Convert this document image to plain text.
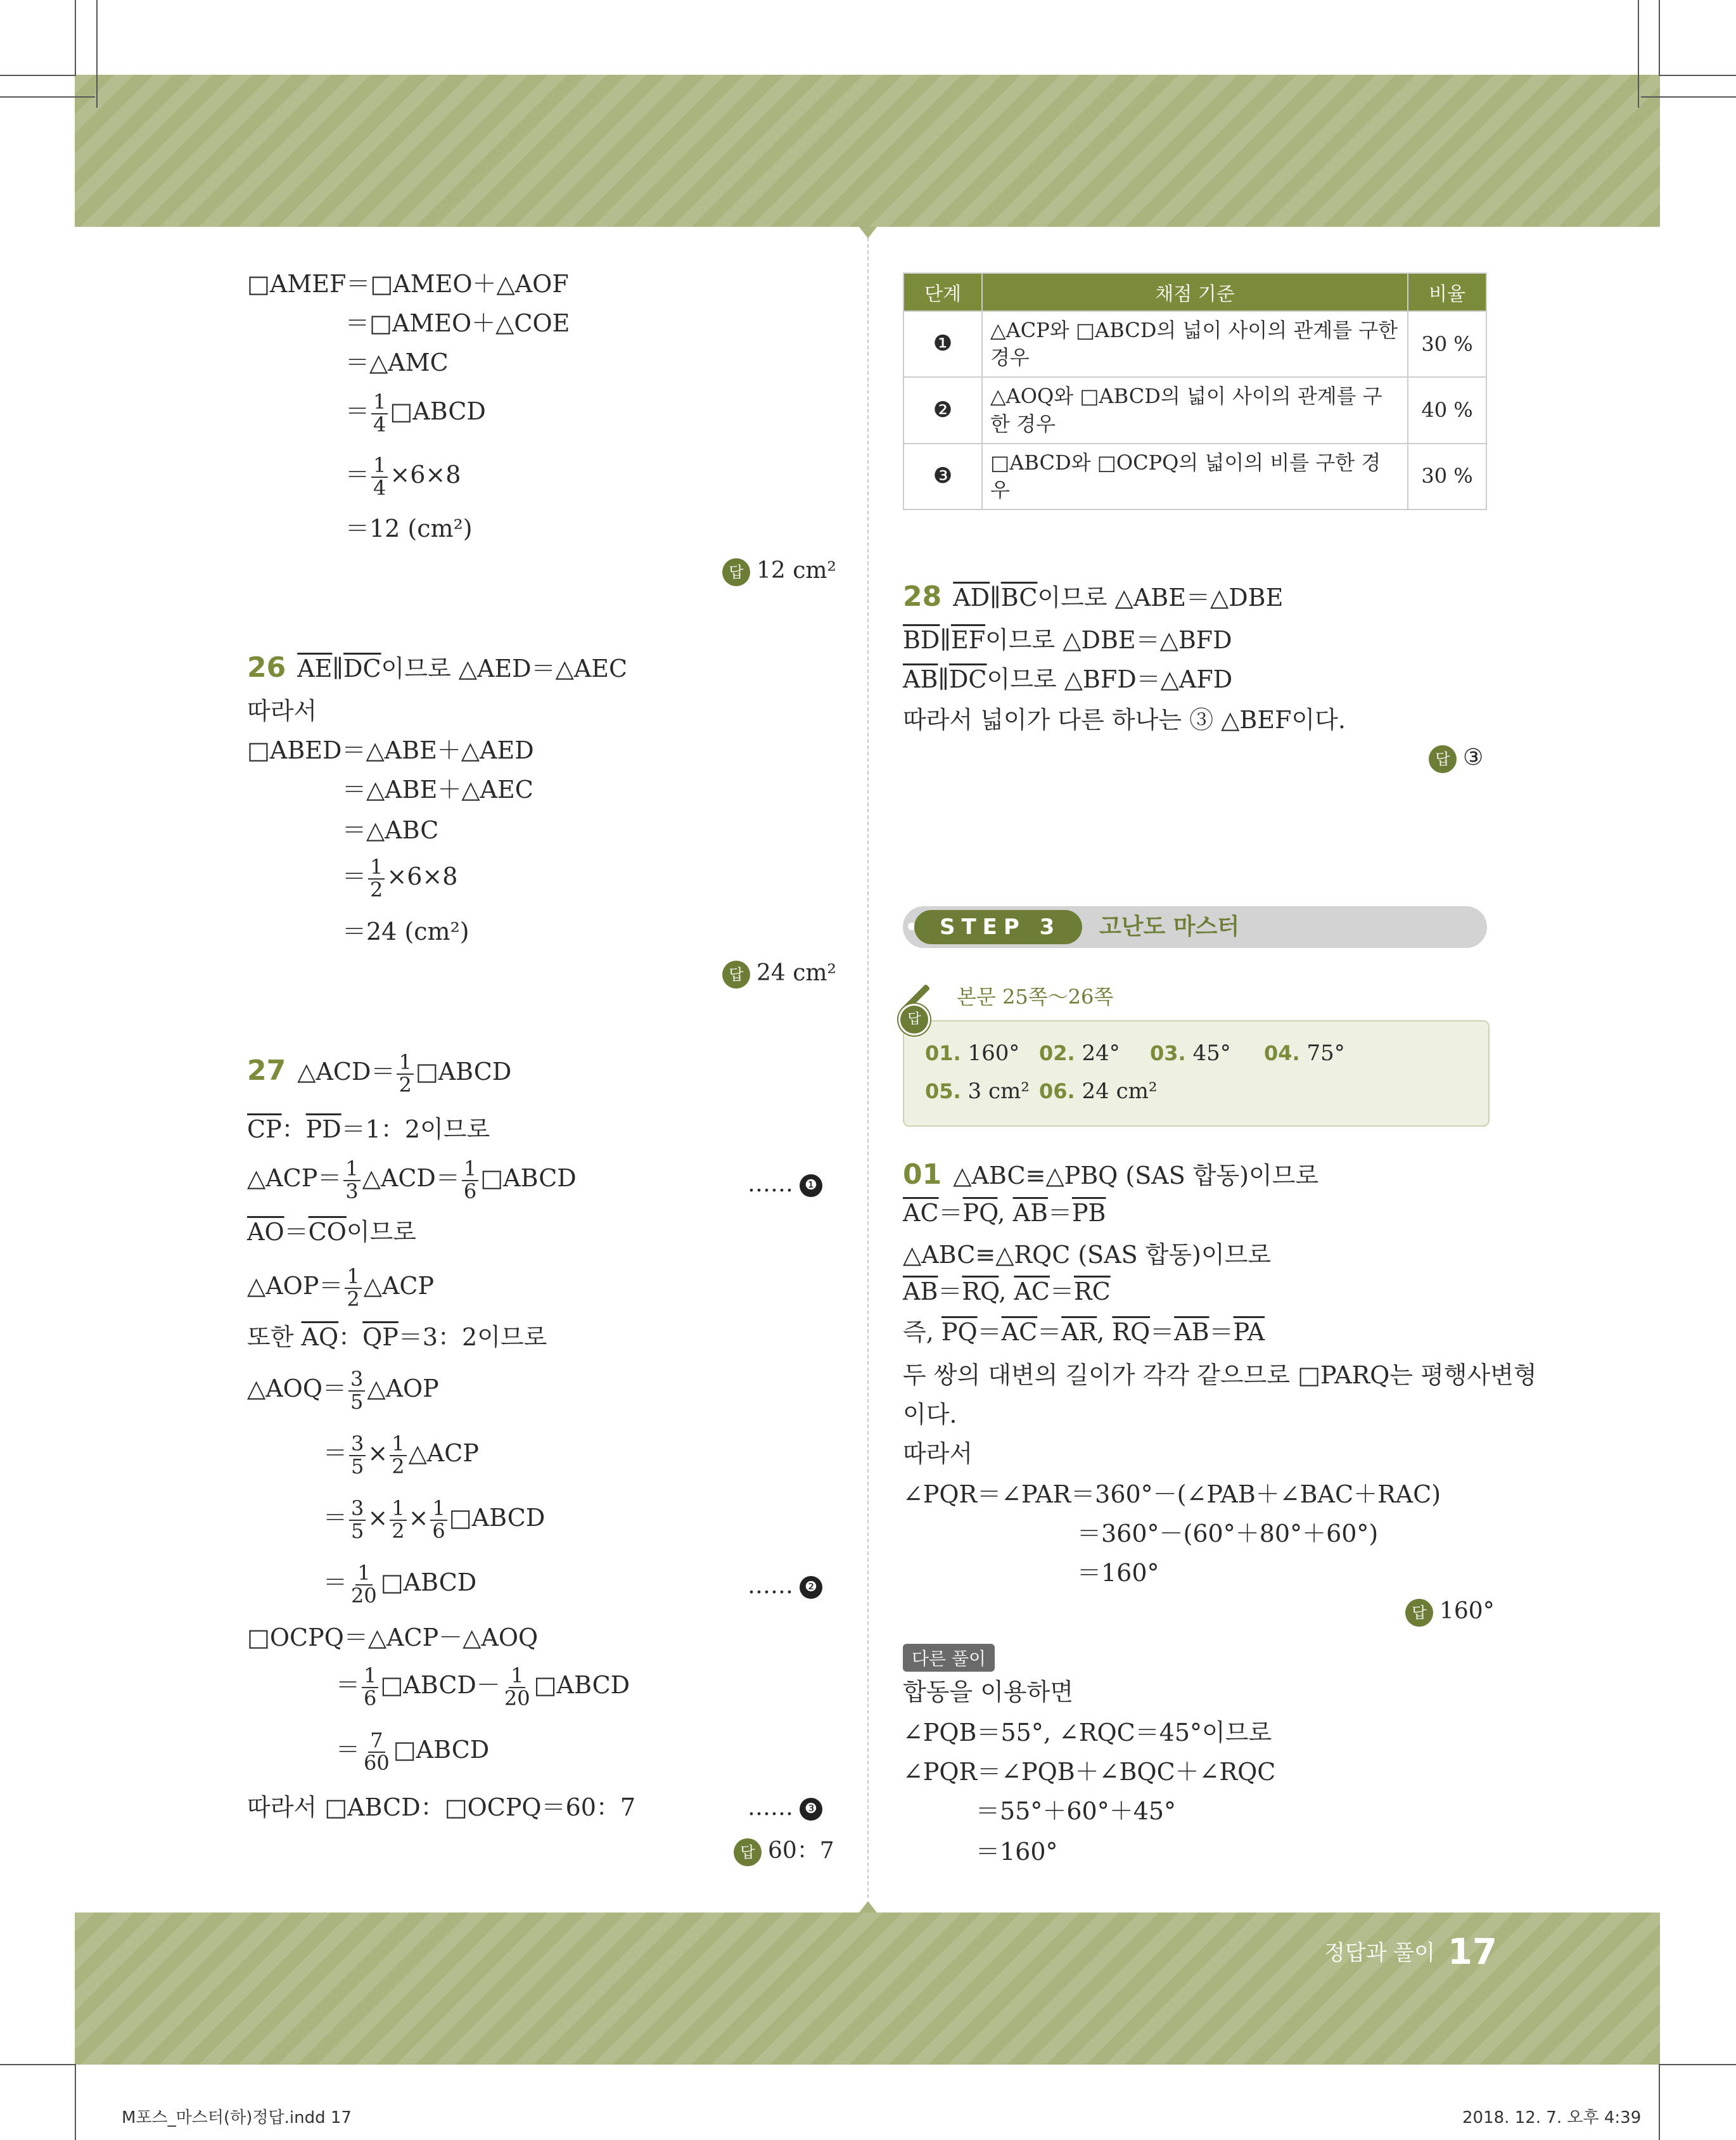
□AMEF＝□AMEO＋△AOF
＝□AMEO＋△COE
＝△AMC
＝ $\frac{1}{4}$ □ABCD
＝ $\frac{1}{4} \times 6\times 8$
＝12 (cm²)
답 12 cm²
26 $\overline{AE}\parallel\overline{DC}$이므로 △AED＝△AEC
따라서
□ABED＝△ABE＋△AED
＝△ABE＋△AEC
＝△ABC
＝ $\frac{1}{2} \times 6\times 8$
＝24 (cm²)
답 24 cm²
27 △ACD＝ $\frac{1}{2}$ □ABCD
$\overline{CP}$：$\overline{PD}=1$：2이므로
△ACP＝ $\frac{1}{3}$ △ACD＝ $\frac{1}{6}$ □ABCD	…… ❶
$\overline{AO}=\overline{CO}$이므로
△AOP＝ $\frac{1}{2}$ △ACP
또한 $\overline{AQ}$：$\overline{QP}=3$：2이므로
△AOQ＝ $\frac{3}{5}$ △AOP
＝ $\frac{3}{5} \times \frac{1}{2}$ △ACP
＝ $\frac{3}{5} \times \frac{1}{2} \times \frac{1}{6}$ □ABCD
＝ $\frac{1}{20}$ □ABCD	…… ❷
□OCPQ＝△ACP－△AOQ
＝ $\frac{1}{6}$ □ABCD－ $\frac{1}{20}$ □ABCD
＝ $\frac{7}{60}$ □ABCD
따라서 □ABCD：□OCPQ＝60：7	…… ❸
답 60：7
단계	채점 기준	비율
❶	△ACP와 □ABCD의 넓이 사이의 관계를 구한 경우	30 %
❷	△AOQ와 □ABCD의 넓이 사이의 관계를 구한 경우	40 %
❸	□ABCD와 □OCPQ의 넓이의 비를 구한 경우	30 %
28 $\overline{AD}\parallel\overline{BC}$이므로 △ABE＝△DBE
$\overline{BD}\parallel\overline{EF}$이므로 △DBE＝△BFD
$\overline{AB}\parallel\overline{DC}$이므로 △BFD＝△AFD
따라서 넓이가 다른 하나는 ③ △BEF이다.
답 ③
STEP 3	고난도 마스터
답
본문 25쪽～26쪽
01. 160° 02. 24° 03. 45° 04. 75°
05. 3 cm² 06. 24 cm²
01 △ABC≡△PBQ (SAS 합동)이므로
$\overline{AC}=\overline{PQ}$, $\overline{AB}=\overline{PB}$
△ABC≡△RQC (SAS 합동)이므로
$\overline{AB}=\overline{RQ}$, $\overline{AC}=\overline{RC}$
즉, $\overline{PQ}=\overline{AC}=\overline{AR}$, $\overline{RQ}=\overline{AB}=\overline{PA}$
두 쌍의 대변의 길이가 각각 같으므로 □PARQ는 평행사변형
이다.
따라서
∠PQR＝∠PAR＝360°－(∠PAB＋∠BAC＋RAC)
＝360°－(60°＋80°＋60°)
＝160°
답 160°
다른 풀이
합동을 이용하면
∠PQB＝55°, ∠RQC＝45°이므로
∠PQR＝∠PQB＋∠BQC＋∠RQC
＝55°＋60°＋45°
＝160°
정답과 풀이 17
M포스_마스터(하)정답.indd 17	2018. 12. 7. 오후 4:39
